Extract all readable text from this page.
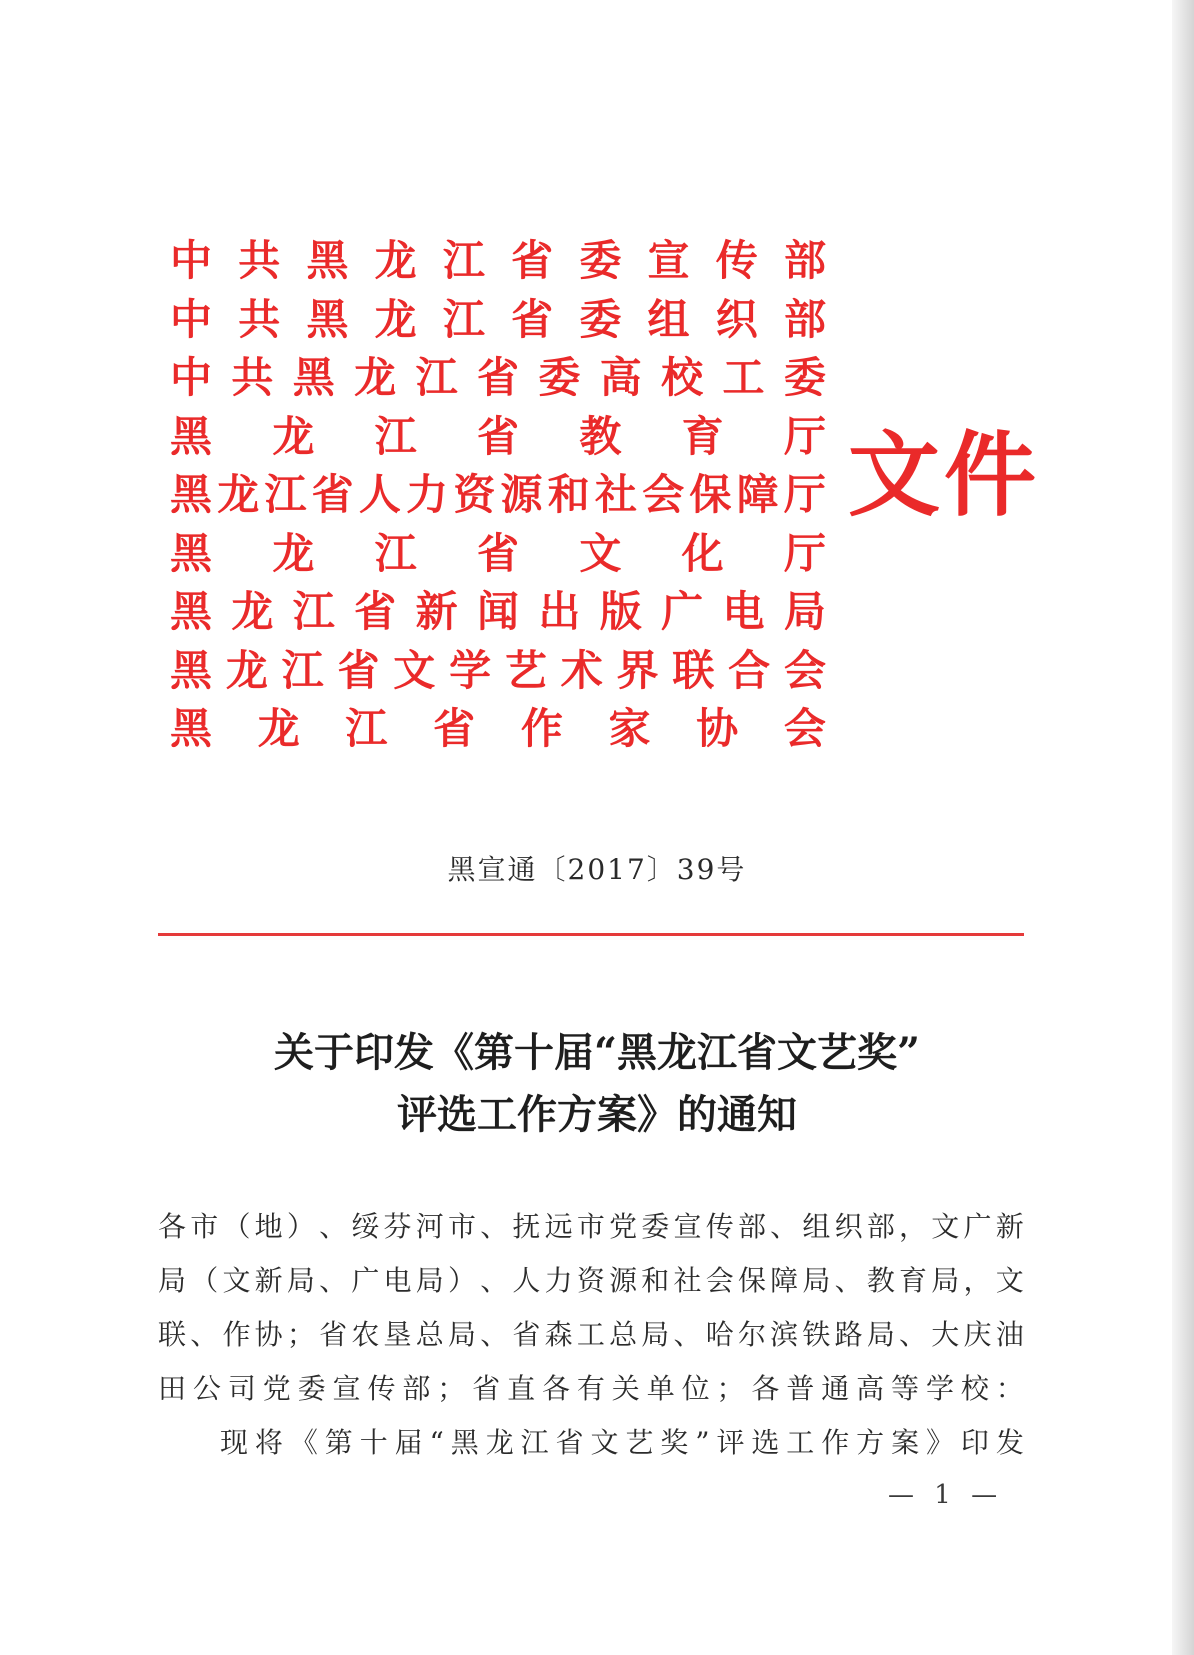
中 共 黑 龙 江 省 委 宣 传 部
中 共 黑 龙 江 省 委 组 织 部
中 共 黑 龙 江 省 委 高 校 工 委
黑 龙 江 省 教 育 厅
黑 龙 江 省 人 力 资 源 和 社 会 保 障 厅
黑 龙 江 省 文 化 厅
黑 龙 江 省 新 闻 出 版 广 电 局
黑 龙 江 省 文 学 艺 术 界 联 合 会
黑 龙 江 省 作 家 协 会
文件
黑宣通〔2017〕39号
关于印发《第十届“黑龙江省文艺奖”
评选工作方案》的通知
各 市 （ 地 ） 、 绥 芬 河 市 、 抚 远 市 党 委 宣 传 部 、 组 织 部 ， 文 广 新
局 （ 文 新 局 、 广 电 局 ） 、 人 力 资 源 和 社 会 保 障 局 、 教 育 局 ， 文
联 、 作 协 ； 省 农 垦 总 局 、 省 森 工 总 局 、 哈 尔 滨 铁 路 局 、 大 庆 油
田 公 司 党 委 宣 传 部 ； 省 直 各 有 关 单 位 ； 各 普 通 高 等 学 校 ：
现 将 《 第 十 届 “ 黑 龙 江 省 文 艺 奖 ” 评 选 工 作 方 案 》 印 发
— 1 —
